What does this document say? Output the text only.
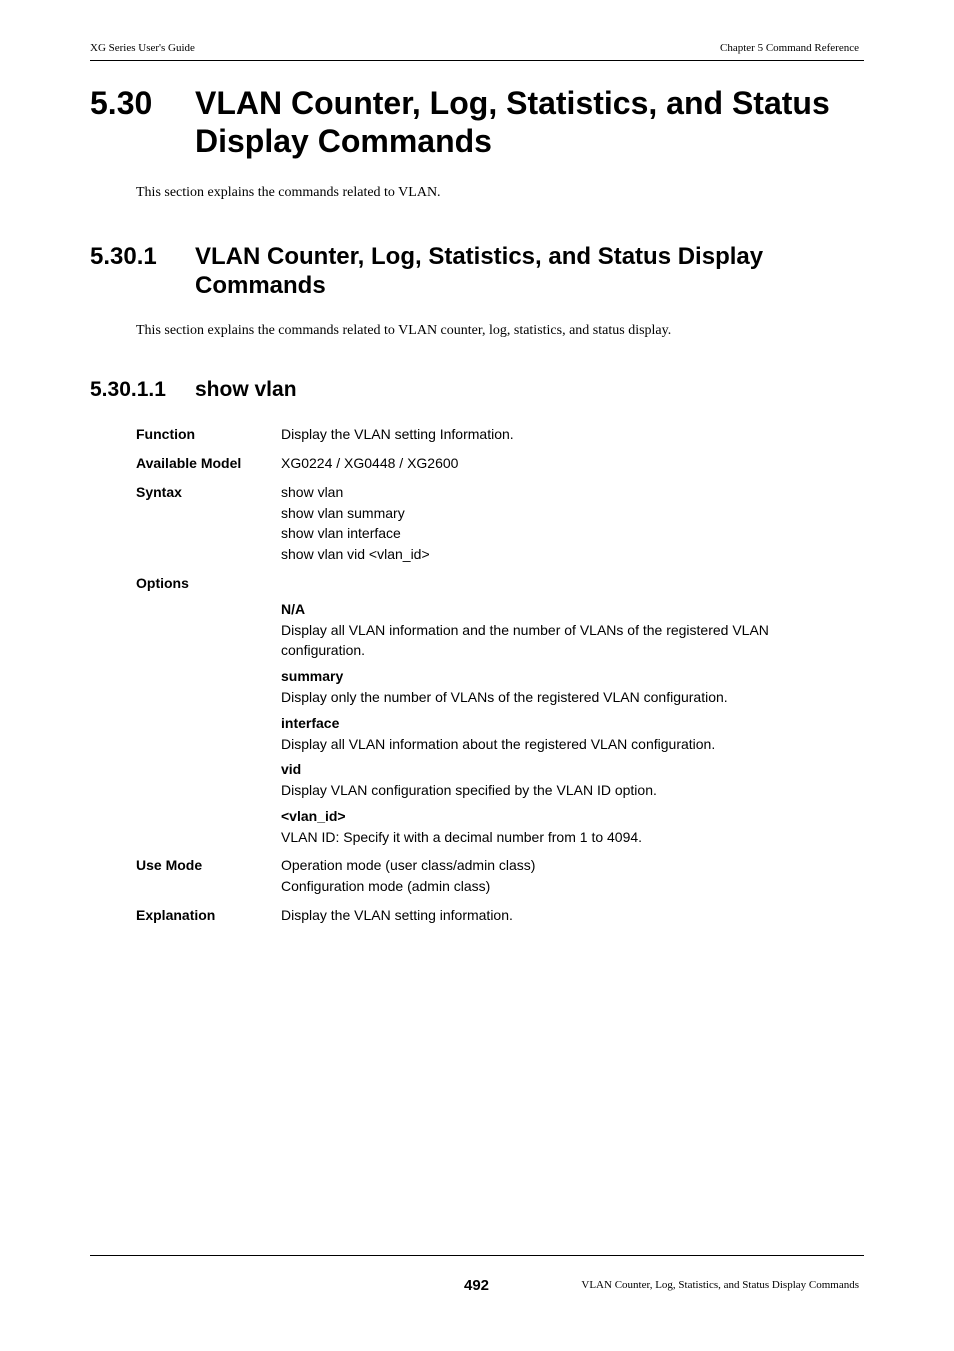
XG Series User's Guide	Chapter 5 Command Reference
5.30 VLAN Counter, Log, Statistics, and Status Display Commands
This section explains the commands related to VLAN.
5.30.1 VLAN Counter, Log, Statistics, and Status Display Commands
This section explains the commands related to VLAN counter, log, statistics, and status display.
5.30.1.1 show vlan
Function	Display the VLAN setting Information.
Available Model	XG0224 / XG0448 / XG2600
Syntax	show vlan
show vlan summary
show vlan interface
show vlan vid <vlan_id>
Options
N/A
Display all VLAN information and the number of VLANs of the registered VLAN
configuration.
summary
Display only the number of VLANs of the registered VLAN configuration.
interface
Display all VLAN information about the registered VLAN configuration.
vid
Display VLAN configuration specified by the VLAN ID option.
<vlan_id>
VLAN ID: Specify it with a decimal number from 1 to 4094.
Use Mode	Operation mode (user class/admin class)
Configuration mode (admin class)
Explanation	Display the VLAN setting information.
492	VLAN Counter, Log, Statistics, and Status Display Commands
